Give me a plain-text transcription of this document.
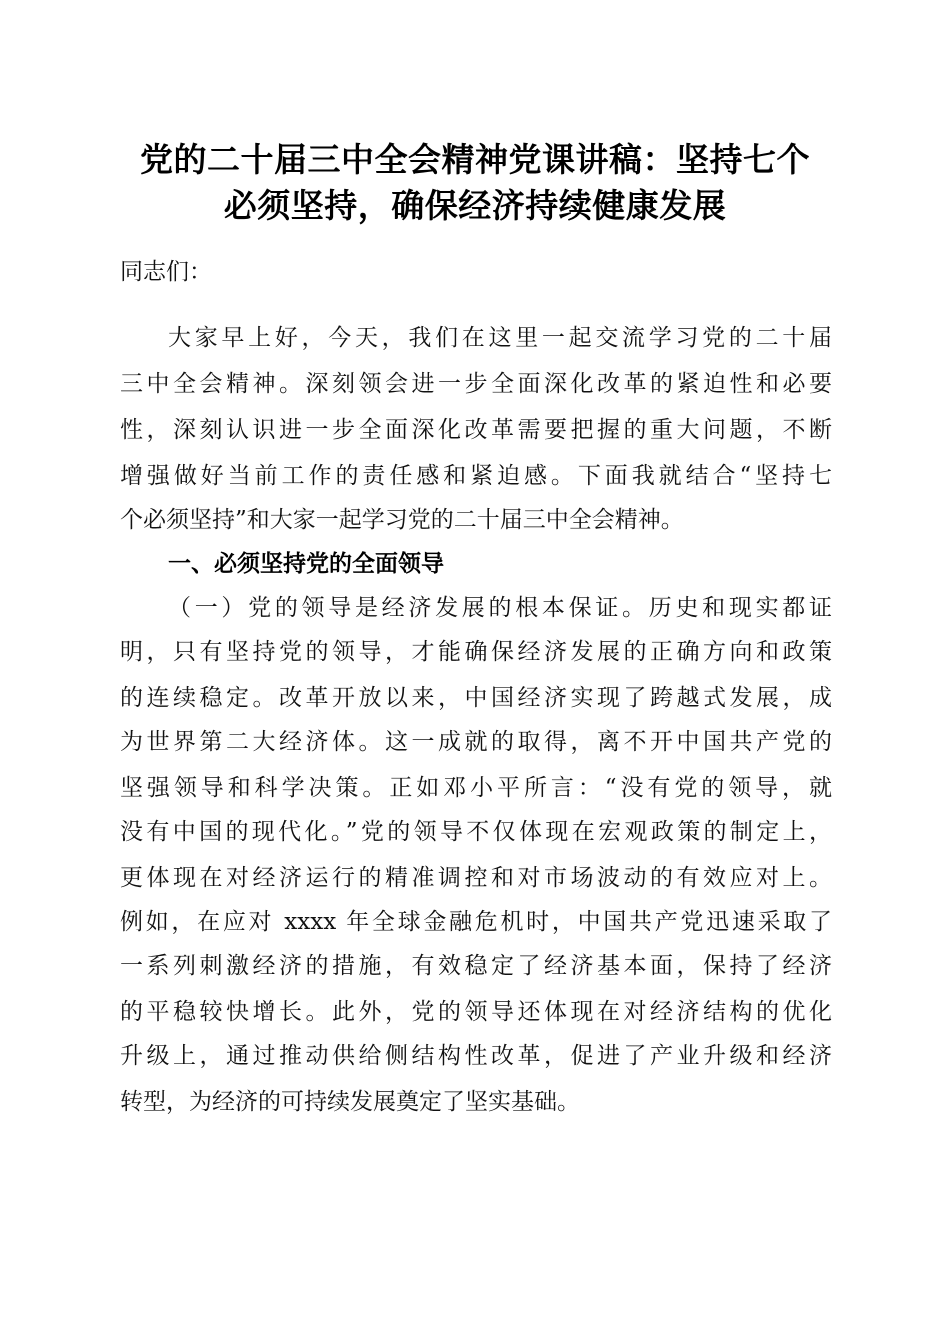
党的二十届三中全会精神党课讲稿：坚持七个
必须坚持，确保经济持续健康发展
同志们：
大家早上好，今天，我们在这里一起交流学习党的二十届
三中全会精神。深刻领会进一步全面深化改革的紧迫性和必要
性，深刻认识进一步全面深化改革需要把握的重大问题，不断
增强做好当前工作的责任感和紧迫感。下面我就结合“坚持七
个必须坚持”和大家一起学习党的二十届三中全会精神。
一、必须坚持党的全面领导
（一）党的领导是经济发展的根本保证。历史和现实都证
明，只有坚持党的领导，才能确保经济发展的正确方向和政策
的连续稳定。改革开放以来，中国经济实现了跨越式发展，成
为世界第二大经济体。这一成就的取得，离不开中国共产党的
坚强领导和科学决策。正如邓小平所言：“没有党的领导，就
没有中国的现代化。”党的领导不仅体现在宏观政策的制定上，
更体现在对经济运行的精准调控和对市场波动的有效应对上。
例如，在应对 xxxx 年全球金融危机时，中国共产党迅速采取了
一系列刺激经济的措施，有效稳定了经济基本面，保持了经济
的平稳较快增长。此外，党的领导还体现在对经济结构的优化
升级上，通过推动供给侧结构性改革，促进了产业升级和经济
转型，为经济的可持续发展奠定了坚实基础。
